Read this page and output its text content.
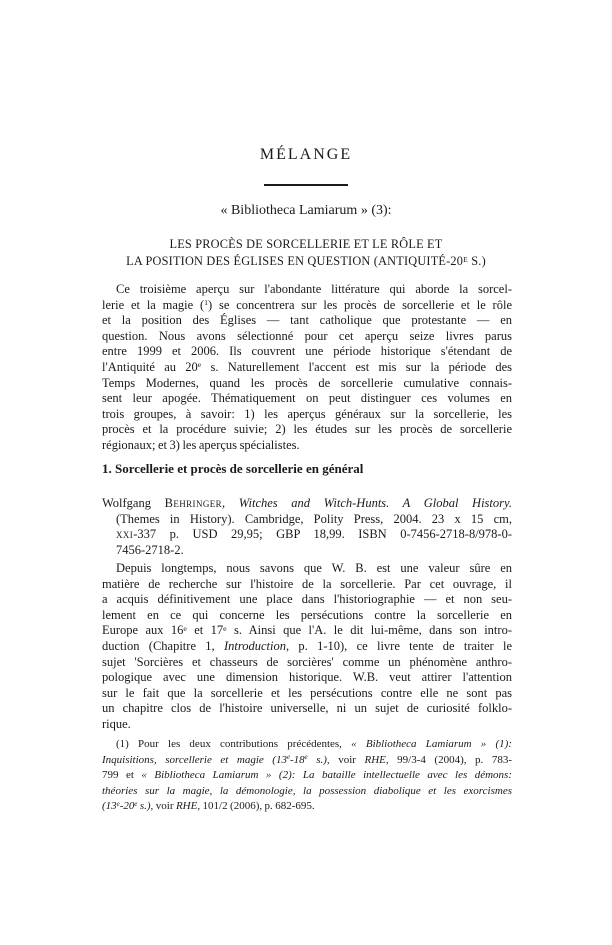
MÉLANGE
« Bibliotheca Lamiarum » (3):
LES PROCÈS DE SORCELLERIE ET LE RÔLE ET
LA POSITION DES ÉGLISES EN QUESTION ($ANTIQUITÉ-20^E$ S.)
Ce troisième aperçu sur l'abondante littérature qui aborde la sorcel-
lerie et la magie ($^1$) se concentrera sur les procès de sorcellerie et le rôle
et la position des Églises — tant catholique que protestante — en
question. Nous avons sélectionné pour cet aperçu seize livres parus
entre 1999 et 2006. Ils couvrent une période historique s'étendant de
l'Antiquité au 20e s. Naturellement l'accent est mis sur la période des
Temps Modernes, quand les procès de sorcellerie cumulative connais-
sent leur apogée. Thématiquement on peut distinguer ces volumes en
trois groupes, à savoir: 1) les aperçus généraux sur la sorcellerie, les
procès et la procédure suivie; 2) les études sur les procès de sorcellerie
régionaux; et 3) les aperçus spécialistes.
1. Sorcellerie et procès de sorcellerie en général
Wolfgang Behringer, Witches and Witch-Hunts. A Global History.
(Themes in History). Cambridge, Polity Press, 2004. 23 x 15 cm,
xxi-337 p. USD 29,95; GBP 18,99. ISBN 0-7456-2718-8/978-0-
7456-2718-2.
Depuis longtemps, nous savons que W. B. est une valeur sûre en
matière de recherche sur l'histoire de la sorcellerie. Par cet ouvrage, il
a acquis définitivement une place dans l'historiographie — et non seu-
lement en ce qui concerne les persécutions contre la sorcellerie en
Europe aux 16e et 17e s. Ainsi que l'A. le dit lui-même, dans son intro-
duction (Chapitre 1, Introduction, p. 1-10), ce livre tente de traiter le
sujet 'Sorcières et chasseurs de sorcières' comme un phénomène anthro-
pologique avec une dimension historique. W.B. veut attirer l'attention
sur le fait que la sorcellerie et les persécutions contre elle ne sont pas
un chapitre clos de l'histoire universelle, ni un sujet de curiosité folklo-
rique.
(1) Pour les deux contributions précédentes, « Bibliotheca Lamiarum » (1):
Inquisitions, sorcellerie et magie (13e-18e s.), voir RHE, 99/3-4 (2004), p. 783-
799 et « Bibliotheca Lamiarum » (2): La bataille intellectuelle avec les démons:
théories sur la magie, la démonologie, la possession diabolique et les exorcismes
(13e-20e s.), voir RHE, 101/2 (2006), p. 682-695.
